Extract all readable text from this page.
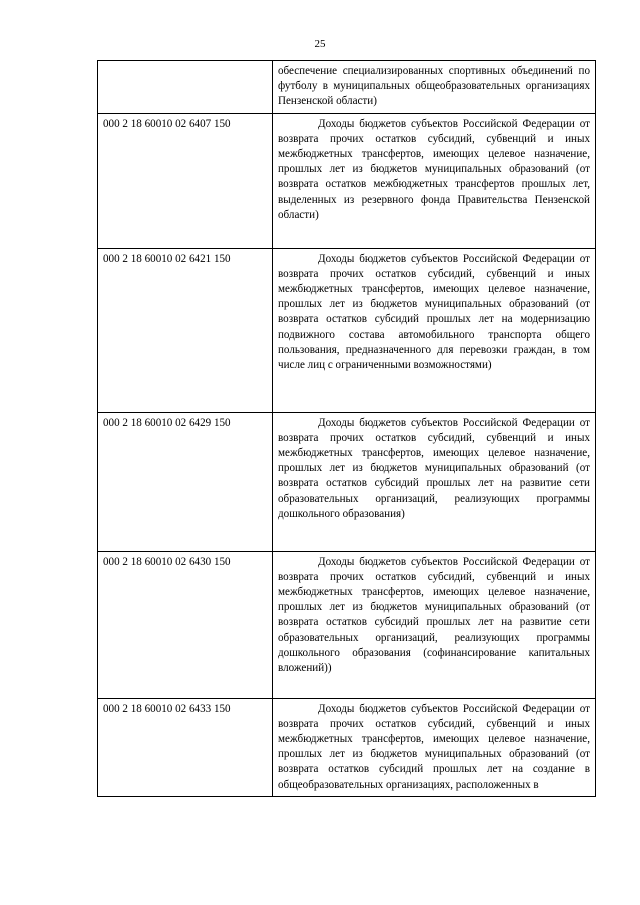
25
	обеспечение специализированных спортивных объединений по футболу в муниципальных общеобразовательных организациях Пензенской области)
000 2 18 60010 02 6407 150	Доходы бюджетов субъектов Российской Федерации от возврата прочих остатков субсидий, субвенций и иных межбюджетных трансфертов, имеющих целевое назначение, прошлых лет из бюджетов муниципальных образований (от возврата остатков межбюджетных трансфертов прошлых лет, выделенных из резервного фонда Правительства Пензенской области)
000 2 18 60010 02 6421 150	Доходы бюджетов субъектов Российской Федерации от возврата прочих остатков субсидий, субвенций и иных межбюджетных трансфертов, имеющих целевое назначение, прошлых лет из бюджетов муниципальных образований (от возврата остатков субсидий прошлых лет на модернизацию подвижного состава автомобильного транспорта общего пользования, предназначенного для перевозки граждан, в том числе лиц с ограниченными возможностями)
000 2 18 60010 02 6429 150	Доходы бюджетов субъектов Российской Федерации от возврата прочих остатков субсидий, субвенций и иных межбюджетных трансфертов, имеющих целевое назначение, прошлых лет из бюджетов муниципальных образований (от возврата остатков субсидий прошлых лет на развитие сети образовательных организаций, реализующих программы дошкольного образования)
000 2 18 60010 02 6430 150	Доходы бюджетов субъектов Российской Федерации от возврата прочих остатков субсидий, субвенций и иных межбюджетных трансфертов, имеющих целевое назначение, прошлых лет из бюджетов муниципальных образований (от возврата остатков субсидий прошлых лет на развитие сети образовательных организаций, реализующих программы дошкольного образования (софинансирование капитальных вложений))
000 2 18 60010 02 6433 150	Доходы бюджетов субъектов Российской Федерации от возврата прочих остатков субсидий, субвенций и иных межбюджетных трансфертов, имеющих целевое назначение, прошлых лет из бюджетов муниципальных образований (от возврата остатков субсидий прошлых лет на создание в общеобразовательных организациях, расположенных в
